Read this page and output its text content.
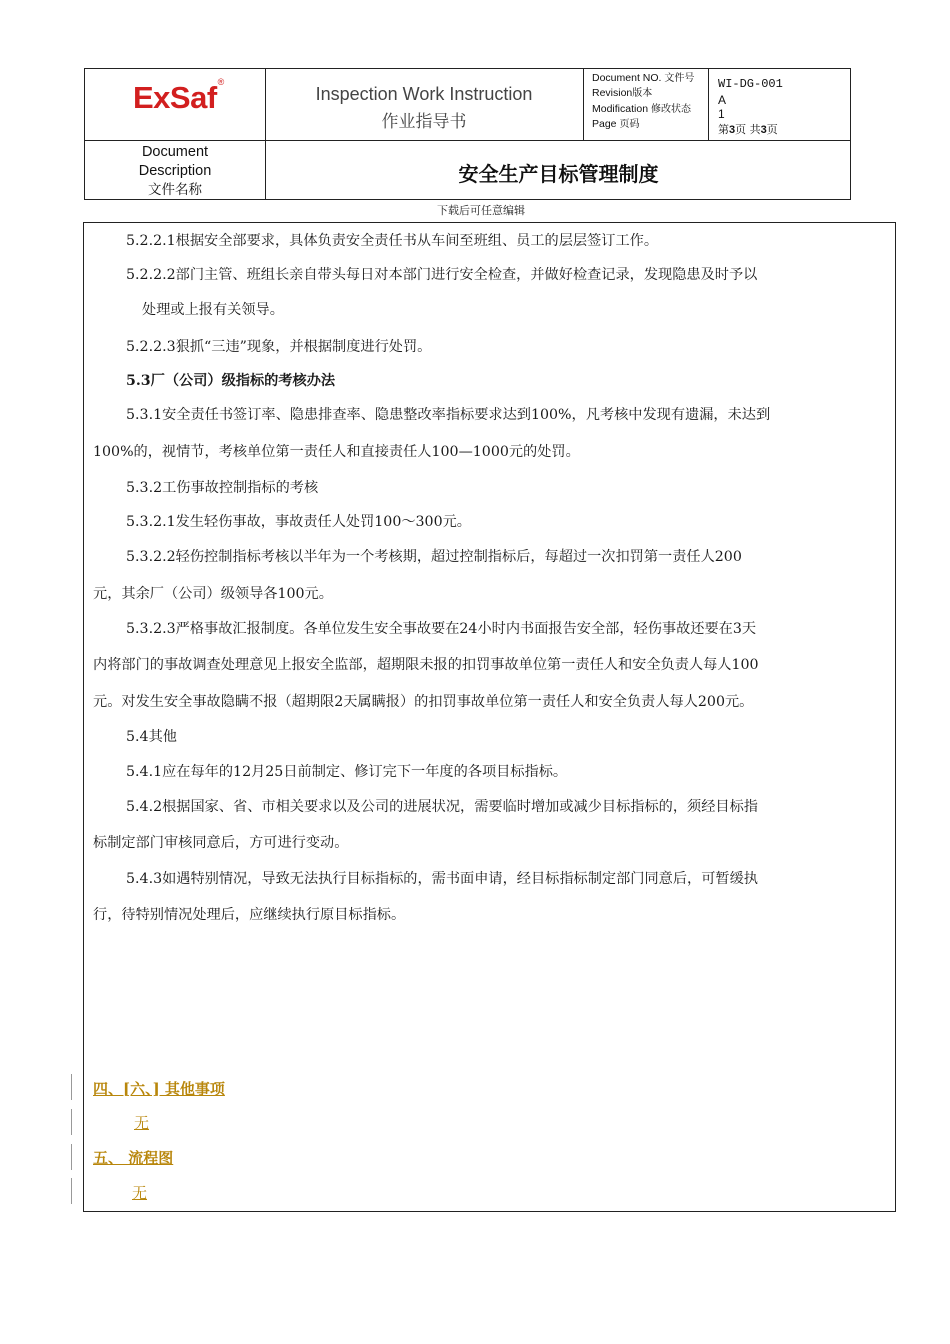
ExSaf®
Inspection Work Instruction
作业指导书
Document NO. 文件号
Revision版本
Modification 修改状态
Page 页码
WI-DG-001
A
1
第3页 共3页
Document
Description
文件名称
安全生产目标管理制度
下载后可任意编辑
5.2.2.1根据安全部要求，具体负责安全责任书从车间至班组、员工的层层签订工作。
5.2.2.2部门主管、班组长亲自带头每日对本部门进行安全检查，并做好检查记录，发现隐患及时予以
处理或上报有关领导。
5.2.2.3狠抓“三违”现象，并根据制度进行处罚。
5.3厂（公司）级指标的考核办法
5.3.1安全责任书签订率、隐患排查率、隐患整改率指标要求达到100%，凡考核中发现有遗漏，未达到
100%的，视情节，考核单位第一责任人和直接责任人100—1000元的处罚。
5.3.2工伤事故控制指标的考核
5.3.2.1发生轻伤事故，事故责任人处罚100～300元。
5.3.2.2轻伤控制指标考核以半年为一个考核期，超过控制指标后，每超过一次扣罚第一责任人200
元，其余厂（公司）级领导各100元。
5.3.2.3严格事故汇报制度。各单位发生安全事故要在24小时内书面报告安全部，轻伤事故还要在3天
内将部门的事故调查处理意见上报安全监部，超期限未报的扣罚事故单位第一责任人和安全负责人每人100
元。对发生安全事故隐瞒不报（超期限2天属瞒报）的扣罚事故单位第一责任人和安全负责人每人200元。
5.4其他
5.4.1应在每年的12月25日前制定、修订完下一年度的各项目标指标。
5.4.2根据国家、省、市相关要求以及公司的进展状况，需要临时增加或减少目标指标的，须经目标指
标制定部门审核同意后，方可进行变动。
5.4.3如遇特别情况，导致无法执行目标指标的，需书面申请，经目标指标制定部门同意后，可暂缓执
行，待特别情况处理后，应继续执行原目标指标。
四、[六、] 其他事项
无
五、 流程图
无
